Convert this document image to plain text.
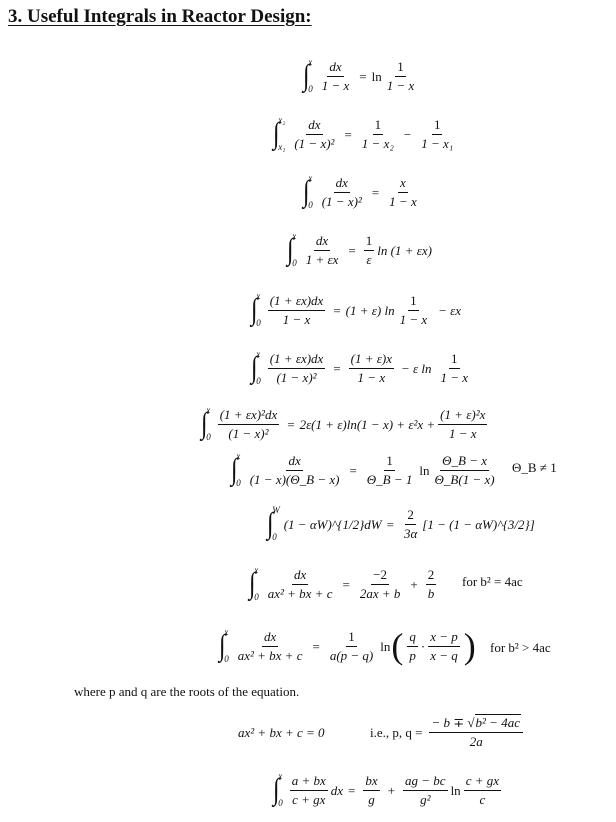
3. Useful Integrals in Reactor Design:
∫
x
$0 \frac{dx}{1 - x} = \ln \frac{1}{1 - x}$
∫
x₂
$x_1 \frac{dx}{\text{(1 − x)²}} = \frac{1}{\text{1 − x₂}} - \frac{1}{\text{1 − x₁}}$
∫
x
$0 \frac{dx}{\text{(1 − x)²}} = \frac{x}{1 - x}$
∫
x
$0 \frac{dx}{1 + \varepsilon x} = \frac{1}{\varepsilon}$ ln (1 + εx)
∫
x
$0 \frac{(1 + \varepsilon x)dx}{1 - x} = (1 + \varepsilon)$ $\ln \frac{1}{1 - x} - \varepsilon x$
∫
x
$0 \frac{(1 + \varepsilon x)dx}{\text{(1 − x)²}} = \frac{(1 + \varepsilon)x}{1 - x} - \varepsilon$ $\ln \frac{1}{1 - x}$
∫
x
$0 \frac{\text{(1 + εx)²dx}}{\text{(1 − x)²}} = 2\varepsilon(1 + \varepsilon)\ln(1 - x) + \varepsilon^2x + \frac{\text{(1 + ε)²x}}{1 - x}$
∫
x
$0 \frac{dx}{(1 - x)(\Theta\_B - x)} = \frac{1}{\Theta\_B - 1}$ $\ln \frac{\Theta\_B - x}{\Theta\_B(1 - x)}$ Θ_B ≠ 1
∫
W
0
(1 − αW)^{1/2}dW = $\frac{2}{3\alpha} [1 - (1$ − αW)^{3/2}]
∫
x
$0 \frac{dx}{\text{ax² + bx + c}} = \frac{-2}{2ax + b} + \frac{2}{b}$ for b² = 4ac
∫
x
$0 \frac{dx}{\text{ax² + bx + c}} = \frac{1}{a(p - q)}$ ln ( $\frac{q}{p} \cdot \frac{x - p}{x - q}$ ) for b² > 4ac
where p and q are the roots of the equation.
ax² + bx + c = 0	i.e., p, $q = \frac{\text{− b ∓ √b² − 4ac}}{2a}$
∫
x
$0 \frac{a + bx}{c + gx}$ dx = $\frac{bx}{g} + \frac{ag - bc}{\text{g²}}$ $\ln \frac{c + gx}{c}$
